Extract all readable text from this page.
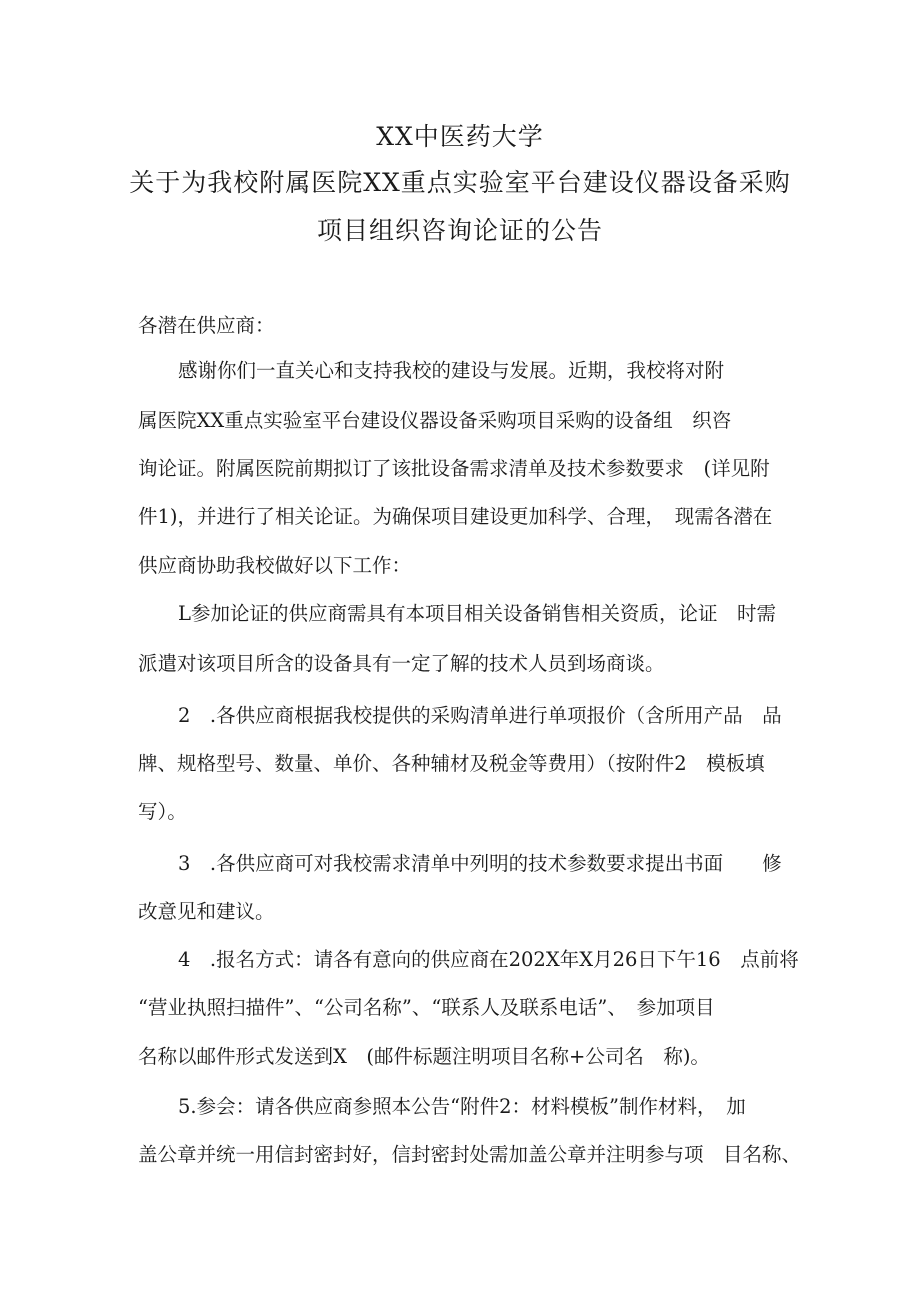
XX中医药大学
关于为我校附属医院XX重点实验室平台建设仪器设备采购
项目组织咨询论证的公告
各潜在供应商：
感谢你们一直关心和支持我校的建设与发展。近期，我校将对附
属医院XX重点实验室平台建设仪器设备采购项目采购的设备组　织咨
询论证。附属医院前期拟订了该批设备需求清单及技术参数要求　(详见附
件1)，并进行了相关论证。为确保项目建设更加科学、合理，　现需各潜在
供应商协助我校做好以下工作：
L参加论证的供应商需具有本项目相关设备销售相关资质，论证　时需
派遣对该项目所含的设备具有一定了解的技术人员到场商谈。
2　.各供应商根据我校提供的采购清单进行单项报价（含所用产品　品
牌、规格型号、数量、单价、各种辅材及税金等费用）（按附件2　模板填
写）。
3　.各供应商可对我校需求清单中列明的技术参数要求提出书面　　修
改意见和建议。
4　.报名方式：请各有意向的供应商在202X年X月26日下午16　点前将
“营业执照扫描件”、“公司名称”、“联系人及联系电话”、　参加项目
名称以邮件形式发送到X　(邮件标题注明项目名称+公司名　称)。
5.参会：请各供应商参照本公告“附件2：材料模板”制作材料，　加
盖公章并统一用信封密封好，信封密封处需加盖公章并注明参与项　目名称、
